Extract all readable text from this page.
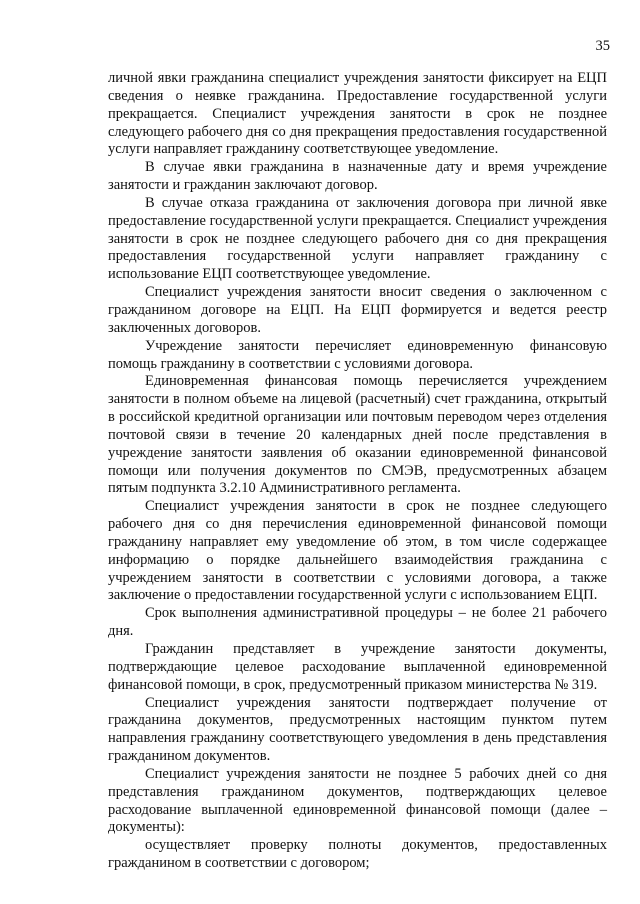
35

личной явки гражданина специалист учреждения занятости фиксирует на ЕЦП сведения о неявке гражданина. Предоставление государственной услуги прекращается. Специалист учреждения занятости в срок не позднее следующего рабочего дня со дня прекращения предоставления государственной услуги направляет гражданину соответствующее уведомление.

В случае явки гражданина в назначенные дату и время учреждение занятости и гражданин заключают договор.

В случае отказа гражданина от заключения договора при личной явке предоставление государственной услуги прекращается. Специалист учреждения занятости в срок не позднее следующего рабочего дня со дня прекращения предоставления государственной услуги направляет гражданину с использование ЕЦП соответствующее уведомление.

Специалист учреждения занятости вносит сведения о заключенном с гражданином договоре на ЕЦП. На ЕЦП формируется и ведется реестр заключенных договоров.

Учреждение занятости перечисляет единовременную финансовую помощь гражданину в соответствии с условиями договора.

Единовременная финансовая помощь перечисляется учреждением занятости в полном объеме на лицевой (расчетный) счет гражданина, открытый в российской кредитной организации или почтовым переводом через отделения почтовой связи в течение 20 календарных дней после представления в учреждение занятости заявления об оказании единовременной финансовой помощи или получения документов по СМЭВ, предусмотренных абзацем пятым подпункта 3.2.10 Административного регламента.

Специалист учреждения занятости в срок не позднее следующего рабочего дня со дня перечисления единовременной финансовой помощи гражданину направляет ему уведомление об этом, в том числе содержащее информацию о порядке дальнейшего взаимодействия гражданина с учреждением занятости в соответствии с условиями договора, а также заключение о предоставлении государственной услуги с использованием ЕЦП.

Срок выполнения административной процедуры – не более 21 рабочего дня.

Гражданин представляет в учреждение занятости документы, подтверждающие целевое расходование выплаченной единовременной финансовой помощи, в срок, предусмотренный приказом министерства № 319.

Специалист учреждения занятости подтверждает получение от гражданина документов, предусмотренных настоящим пунктом путем направления гражданину соответствующего уведомления в день представления гражданином документов.

Специалист учреждения занятости не позднее 5 рабочих дней со дня представления гражданином документов, подтверждающих целевое расходование выплаченной единовременной финансовой помощи (далее – документы):

осуществляет проверку полноты документов, предоставленных гражданином в соответствии с договором;
